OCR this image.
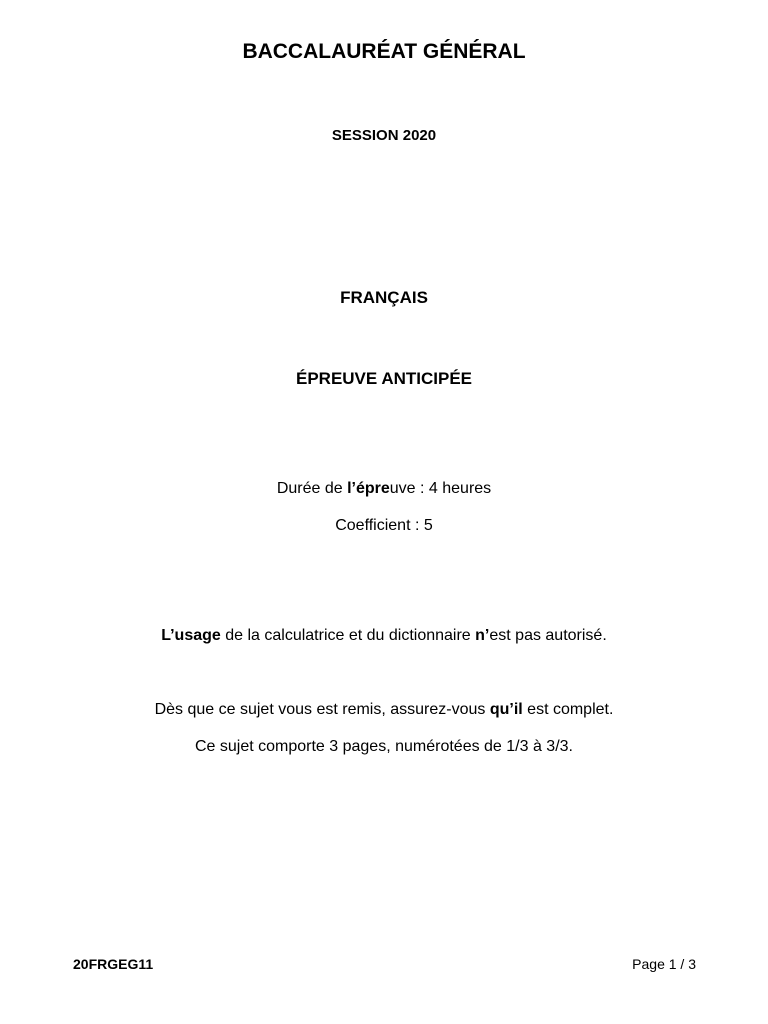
BACCALAURÉAT GÉNÉRAL
SESSION 2020
FRANÇAIS
ÉPREUVE ANTICIPÉE
Durée de l’épreuve : 4 heures
Coefficient : 5
L’usage de la calculatrice et du dictionnaire n’est pas autorisé.
Dès que ce sujet vous est remis, assurez-vous qu’il est complet.
Ce sujet comporte 3 pages, numérotées de 1/3 à 3/3.
20FRGEG11	Page 1 / 3
